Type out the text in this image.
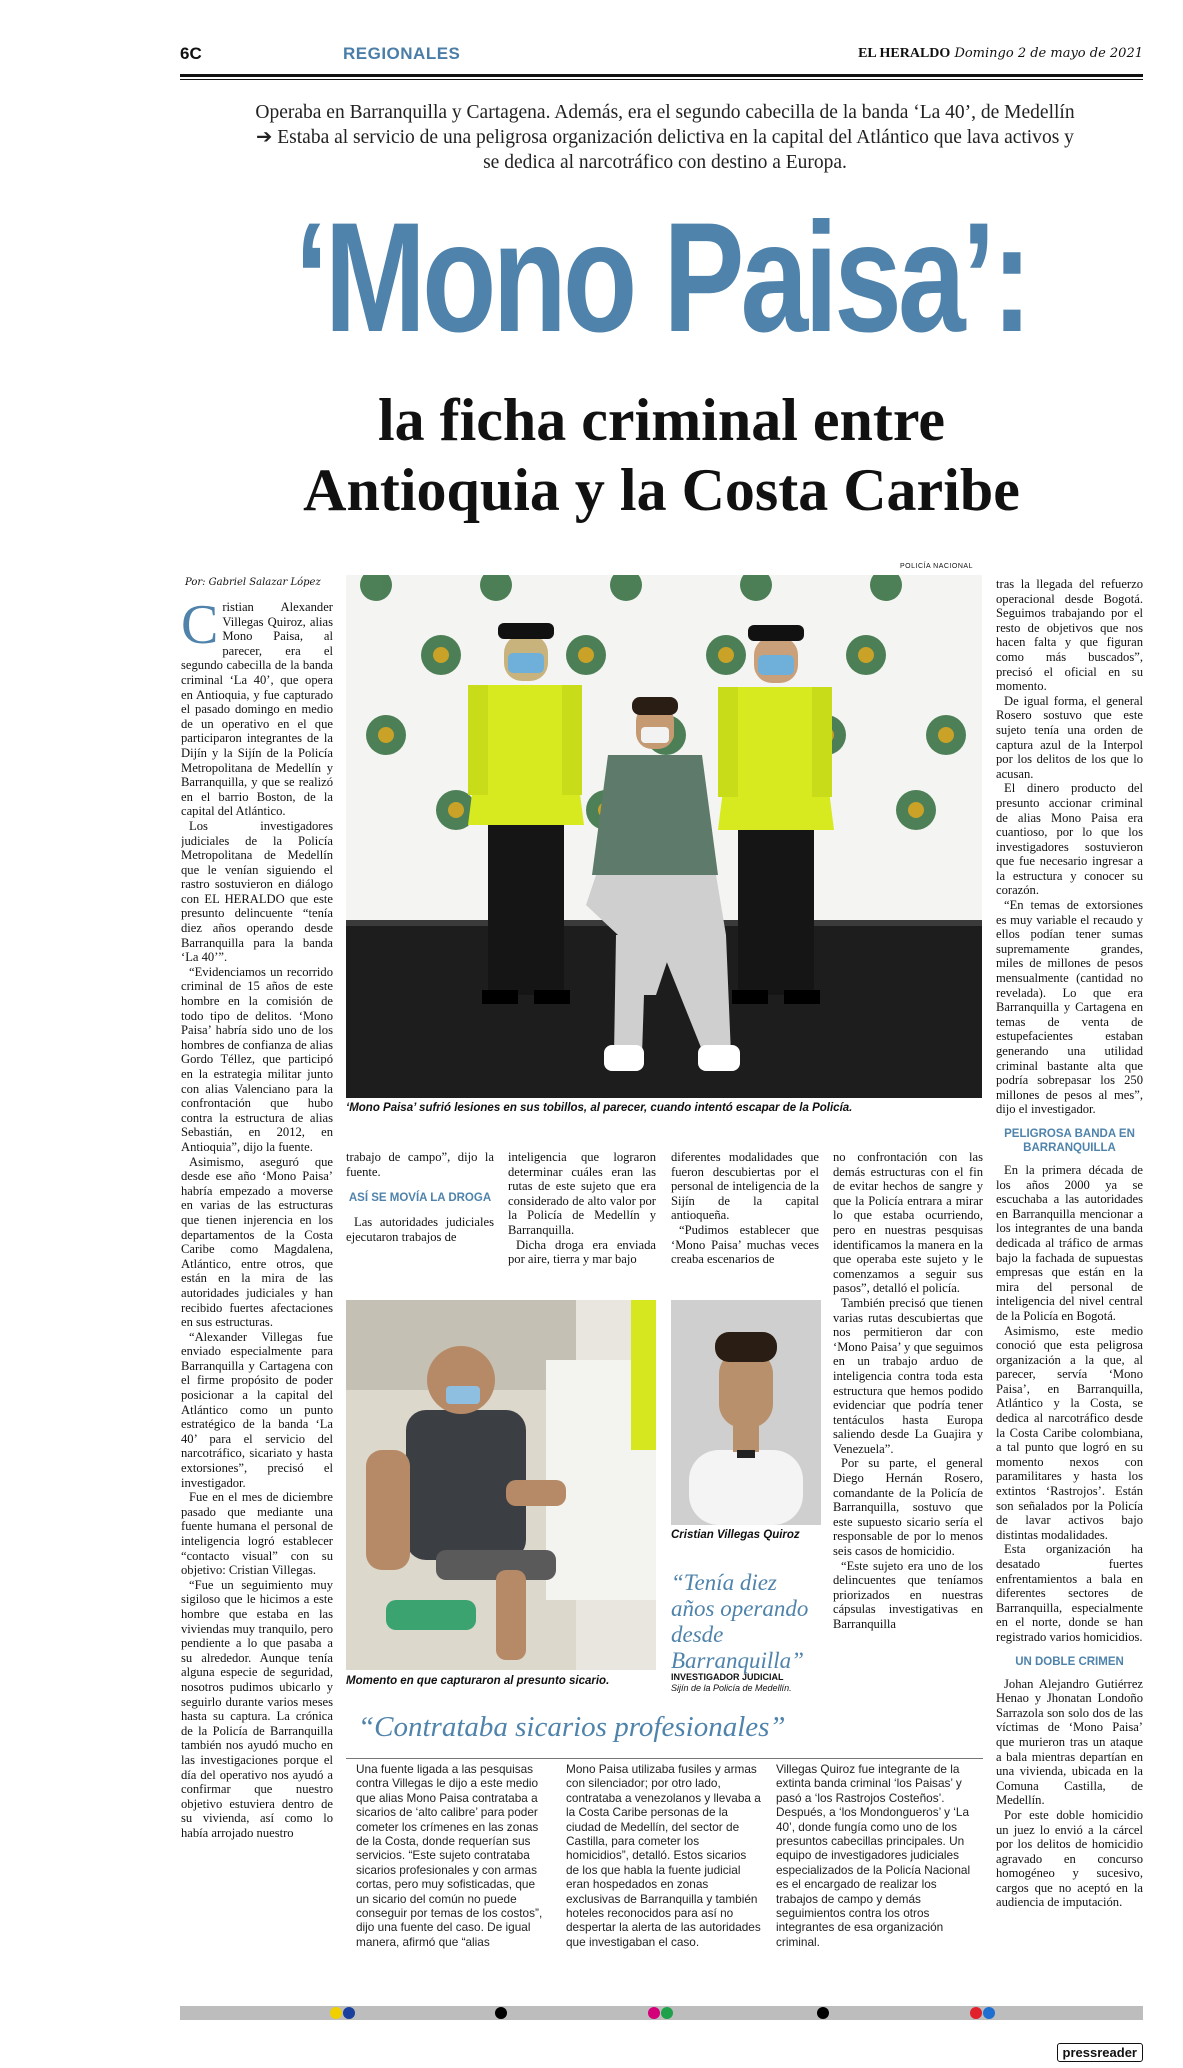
6C	REGIONALES	EL HERALDO Domingo 2 de mayo de 2021
Operaba en Barranquilla y Cartagena. Además, era el segundo cabecilla de la banda ‘La 40’, de Medellín ➔ Estaba al servicio de una peligrosa organización delictiva en la capital del Atlántico que lava activos y se dedica al narcotráfico con destino a Europa.
‘Mono Paisa’:
la ficha criminal entre
Antioquia y la Costa Caribe
Por: Gabriel Salazar López
POLICÍA NACIONAL
‘Mono Paisa’ sufrió lesiones en sus tobillos, al parecer, cuando intentó escapar de la Policía.
C ristian Alexander Villegas Quiroz, alias Mono Paisa, al parecer, era el segundo cabecilla de la banda criminal ‘La 40’, que opera en Antioquia, y fue capturado el pasado domingo en medio de un operativo en el que participaron integrantes de la Dijín y la Sijín de la Policía Metropolitana de Medellín y Barranquilla, y que se realizó en el barrio Boston, de la capital del Atlántico.

Los investigadores judiciales de la Policía Metropolitana de Medellín que le venían siguiendo el rastro sostuvieron en diálogo con EL HERALDO que este presunto delincuente “tenía diez años operando desde Barranquilla para la banda ‘La 40’”.

“Evidenciamos un recorrido criminal de 15 años de este hombre en la comisión de todo tipo de delitos. ‘Mono Paisa’ habría sido uno de los hombres de confianza de alias Gordo Téllez, que participó en la estrategia militar junto con alias Valenciano para la confrontación que hubo contra la estructura de alias Sebastián, en 2012, en Antioquia”, dijo la fuente.

Asimismo, aseguró que desde ese año ‘Mono Paisa’ habría empezado a moverse en varias de las estructuras que tienen injerencia en los departamentos de la Costa Caribe como Magdalena, Atlántico, entre otros, que están en la mira de las autoridades judiciales y han recibido fuertes afectaciones en sus estructuras.

“Alexander Villegas fue enviado especialmente para Barranquilla y Cartagena con el firme propósito de poder posicionar a la capital del Atlántico como un punto estratégico de la banda ‘La 40’ para el servicio del narcotráfico, sicariato y hasta extorsiones”, precisó el investigador.

Fue en el mes de diciembre pasado que mediante una fuente humana el personal de inteligencia logró establecer “contacto visual” con su objetivo: Cristian Villegas.

“Fue un seguimiento muy sigiloso que le hicimos a este hombre que estaba en las viviendas muy tranquilo, pero pendiente a lo que pasaba a su alrededor. Aunque tenía alguna especie de seguridad, nosotros pudimos ubicarlo y seguirlo durante varios meses hasta su captura. La crónica de la Policía de Barranquilla también nos ayudó mucho en las investigaciones porque el día del operativo nos ayudó a confirmar que nuestro objetivo estuviera dentro de su vivienda, así como lo había arrojado nuestro

trabajo de campo”, dijo la fuente.

ASÍ SE MOVÍA LA DROGA

Las autoridades judiciales ejecutaron trabajos de

inteligencia que lograron determinar cuáles eran las rutas de este sujeto que era considerado de alto valor por la Policía de Medellín y Barranquilla.

Dicha droga era enviada por aire, tierra y mar bajo

diferentes modalidades que fueron descubiertas por el personal de inteligencia de la Sijín de la capital antioqueña.

“Pudimos establecer que ‘Mono Paisa’ muchas veces creaba escenarios de

no confrontación con las demás estructuras con el fin de evitar hechos de sangre y que la Policía entrara a mirar lo que estaba ocurriendo, pero en nuestras pesquisas identificamos la manera en la que operaba este sujeto y le comenzamos a seguir sus pasos”, detalló el policía.

También precisó que tienen varias rutas descubiertas que nos permitieron dar con ‘Mono Paisa’ y que seguimos en un trabajo arduo de inteligencia contra toda esta estructura que hemos podido evidenciar que podría tener tentáculos hasta Europa saliendo desde La Guajira y Venezuela”.

Por su parte, el general Diego Hernán Rosero, comandante de la Policía de Barranquilla, sostuvo que este supuesto sicario sería el responsable de por lo menos seis casos de homicidio.

“Este sujeto era uno de los delincuentes que teníamos priorizados en nuestras cápsulas investigativas en Barranquilla

tras la llegada del refuerzo operacional desde Bogotá. Seguimos trabajando por el resto de objetivos que nos hacen falta y que figuran como más buscados”, precisó el oficial en su momento.

De igual forma, el general Rosero sostuvo que este sujeto tenía una orden de captura azul de la Interpol por los delitos de los que lo acusan.

El dinero producto del presunto accionar criminal de alias Mono Paisa era cuantioso, por lo que los investigadores sostuvieron que fue necesario ingresar a la estructura y conocer su corazón.

“En temas de extorsiones es muy variable el recaudo y ellos podían tener sumas supremamente grandes, miles de millones de pesos mensualmente (cantidad no revelada). Lo que era Barranquilla y Cartagena en temas de venta de estupefacientes estaban generando una utilidad criminal bastante alta que podría sobrepasar los 250 millones de pesos al mes”, dijo el investigador.

PELIGROSA BANDA EN BARRANQUILLA

En la primera década de los años 2000 ya se escuchaba a las autoridades en Barranquilla mencionar a los integrantes de una banda dedicada al tráfico de armas bajo la fachada de supuestas empresas que están en la mira del personal de inteligencia del nivel central de la Policía en Bogotá.

Asimismo, este medio conoció que esta peligrosa organización a la que, al parecer, servía ‘Mono Paisa’, en Barranquilla, Atlántico y la Costa, se dedica al narcotráfico desde la Costa Caribe colombiana, a tal punto que logró en su momento nexos con paramilitares y hasta los extintos ‘Rastrojos’. Están son señalados por la Policía de lavar activos bajo distintas modalidades.

Esta organización ha desatado fuertes enfrentamientos a bala en diferentes sectores de Barranquilla, especialmente en el norte, donde se han registrado varios homicidios.

UN DOBLE CRIMEN

Johan Alejandro Gutiérrez Henao y Jhonatan Londoño Sarrazola son solo dos de las víctimas de ‘Mono Paisa’ que murieron tras un ataque a bala mientras departían en una vivienda, ubicada en la Comuna Castilla, de Medellín.

Por este doble homicidio un juez lo envió a la cárcel por los delitos de homicidio agravado en concurso homogéneo y sucesivo, cargos que no aceptó en la audiencia de imputación.

Momento en que capturaron al presunto sicario.
Cristian Villegas Quiroz
“Tenía diez años operando desde Barranquilla”
INVESTIGADOR JUDICIAL
Sijín de la Policía de Medellín.
“Contrataba sicarios profesionales”
Una fuente ligada a las pesquisas contra Villegas le dijo a este medio que alias Mono Paisa contrataba a sicarios de ‘alto calibre’ para poder cometer los crímenes en las zonas de la Costa, donde requerían sus servicios. “Este sujeto contrataba sicarios profesionales y con armas cortas, pero muy sofisticadas, que un sicario del común no puede conseguir por temas de los costos”, dijo una fuente del caso. De igual manera, afirmó que “alias
Mono Paisa utilizaba fusiles y armas con silenciador; por otro lado, contrataba a venezolanos y llevaba a la Costa Caribe personas de la ciudad de Medellín, del sector de Castilla, para cometer los homicidios”, detalló. Estos sicarios de los que habla la fuente judicial eran hospedados en zonas exclusivas de Barranquilla y también hoteles reconocidos para así no despertar la alerta de las autoridades que investigaban el caso.
Villegas Quiroz fue integrante de la extinta banda criminal ‘los Paisas’ y pasó a ‘los Rastrojos Costeños’. Después, a ‘los Mondongueros’ y ‘La 40’, donde fungía como uno de los presuntos cabecillas principales. Un equipo de investigadores judiciales especializados de la Policía Nacional es el encargado de realizar los trabajos de campo y demás seguimientos contra los otros integrantes de esa organización criminal.
pressreader
